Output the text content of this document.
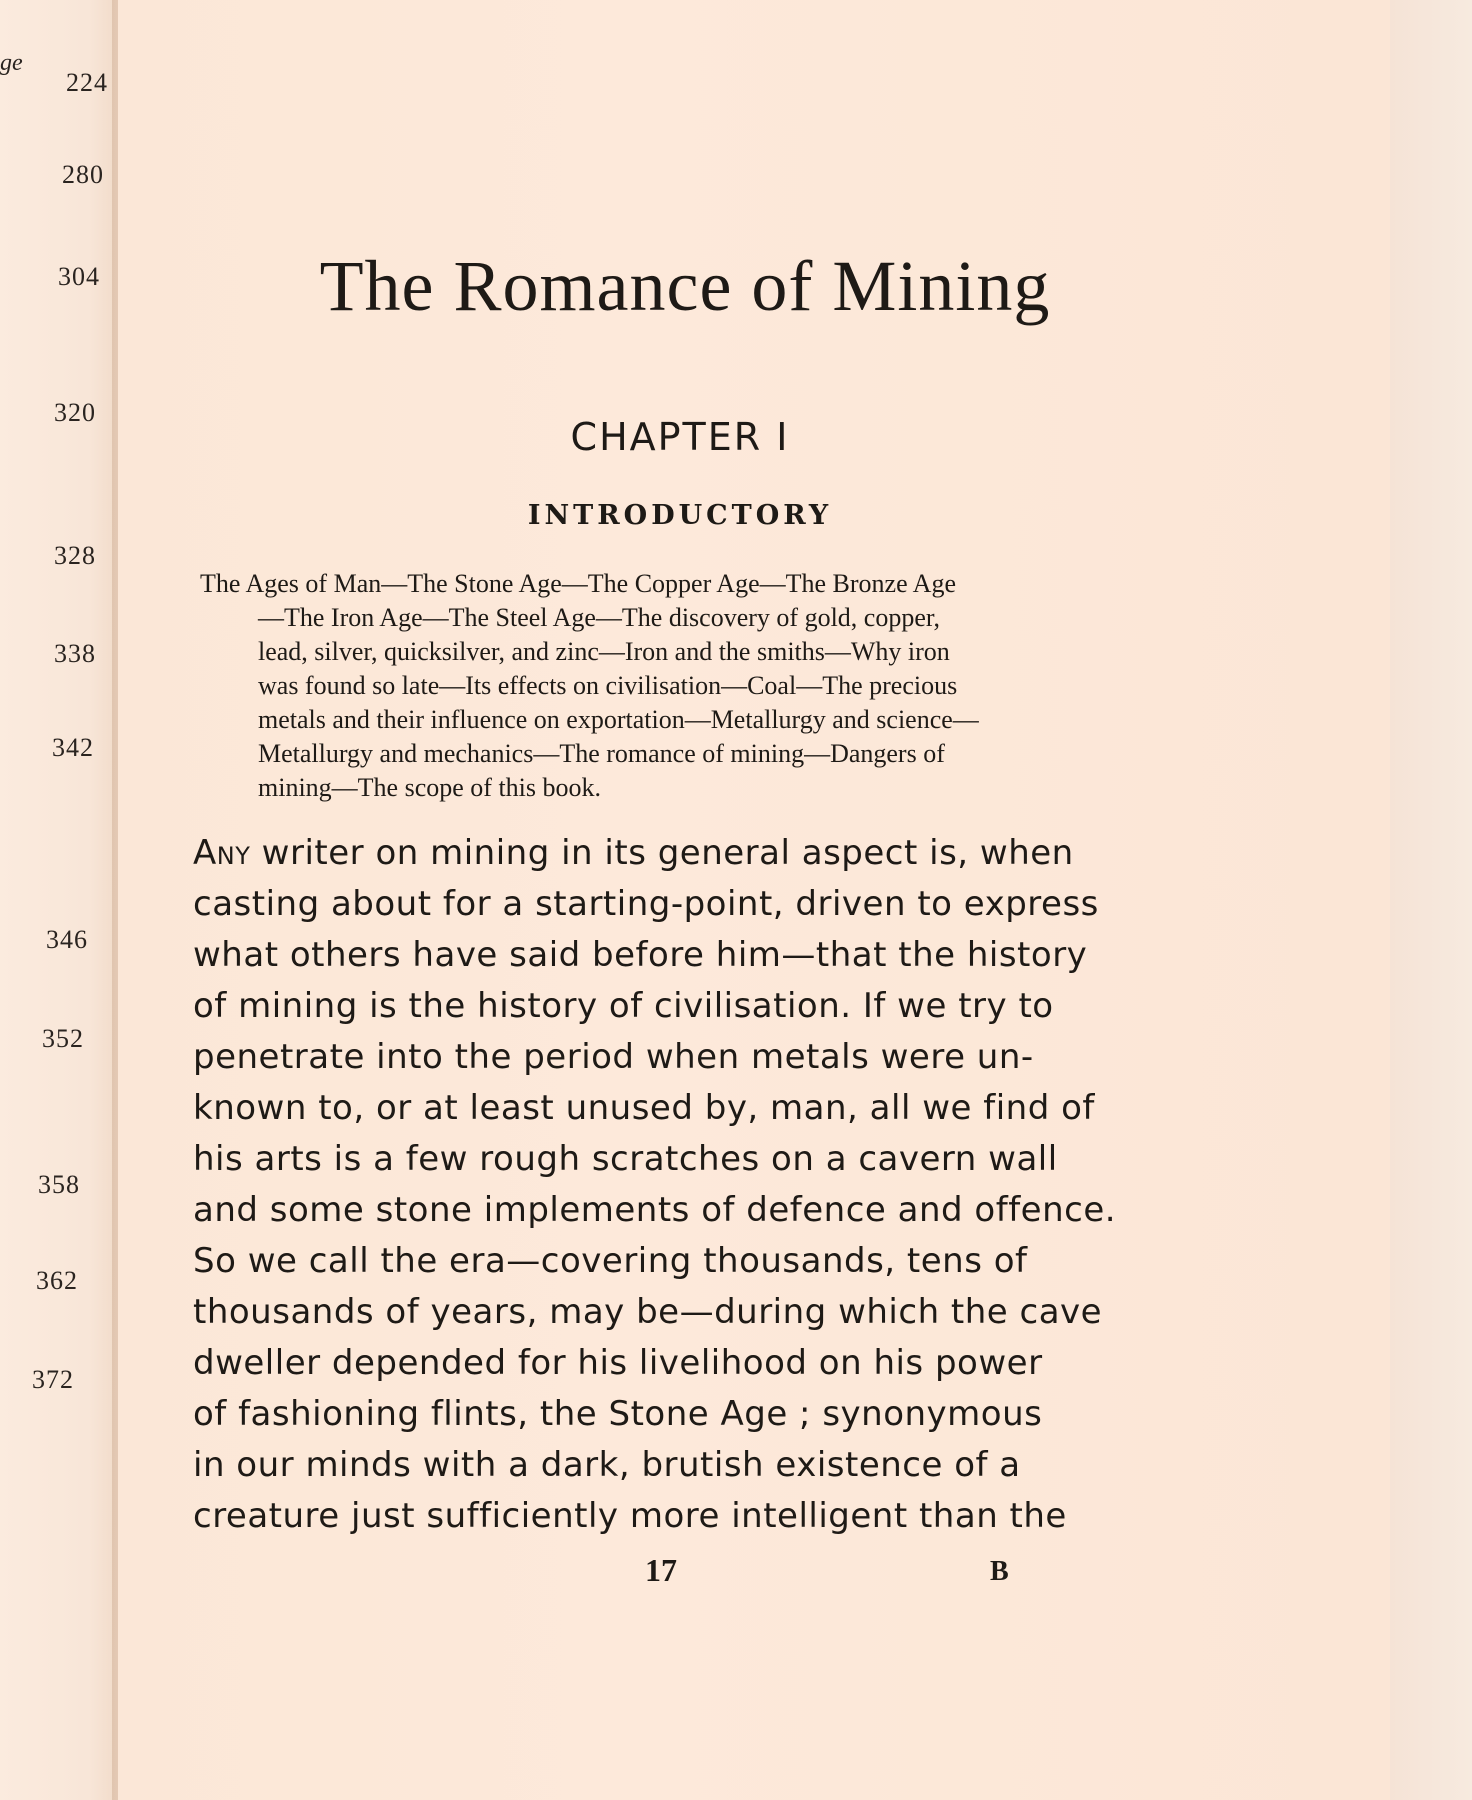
ge
224
280
304
320
328
338
342
346
352
358
362
372
The Romance of Mining
CHAPTER I
INTRODUCTORY
The Ages of Man—The Stone Age—The Copper Age—The Bronze Age
—The Iron Age—The Steel Age—The discovery of gold, copper,
lead, silver, quicksilver, and zinc—Iron and the smiths—Why iron
was found so late—Its effects on civilisation—Coal—The precious
metals and their influence on exportation—Metallurgy and science—
Metallurgy and mechanics—The romance of mining—Dangers of
mining—The scope of this book.
Any writer on mining in its general aspect is, when
casting about for a starting-point, driven to express
what others have said before him—that the history
of mining is the history of civilisation. If we try to
penetrate into the period when metals were un-
known to, or at least unused by, man, all we find of
his arts is a few rough scratches on a cavern wall
and some stone implements of defence and offence.
So we call the era—covering thousands, tens of
thousands of years, may be—during which the cave
dweller depended for his livelihood on his power
of fashioning flints, the Stone Age ; synonymous
in our minds with a dark, brutish existence of a
creature just sufficiently more intelligent than the
17	B
